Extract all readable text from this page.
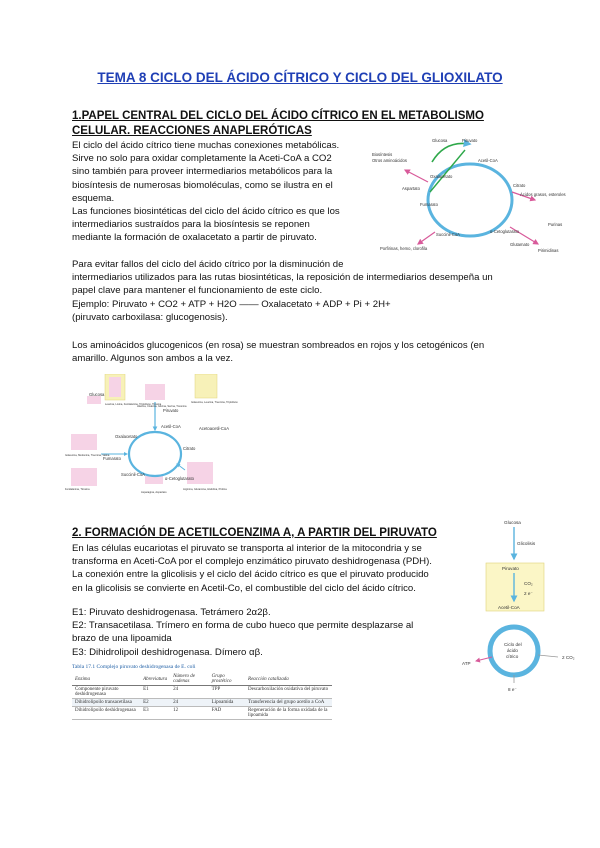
TEMA 8 CICLO DEL ÁCIDO CÍTRICO Y CICLO DEL GLIOXILATO
1.PAPEL CENTRAL DEL CICLO DEL ÁCIDO CÍTRICO EN EL METABOLISMO
CELULAR. REACCIONES ANAPLERÓTICAS
El ciclo del ácido cítrico tiene muchas conexiones metabólicas.
Sirve no solo para oxidar completamente la Aceti-CoA a CO2
sino también para proveer intermediarios metabólicos para la
biosíntesis de numerosas biomoléculas, como se ilustra en el
esquema.
Las funciones biosintéticas del ciclo del ácido cítrico es que los
intermediarios sustraídos para la biosíntesis se reponen
mediante la formación de oxalacetato a partir de piruvato.
Glucosa	Piruvato
Acetil-CoA
Citrato
α-Cetoglutarato
Succinil-CoA
Fumarato
Aspartato
Oxalacetato
Glutamato
Biosíntesis
Otros aminoácidos
Ácidos grasos, esteroles
Purinas
Pirimidinas
Porfirinas, hemo, clorofila
Para evitar fallos del ciclo del ácido cítrico por la disminución de
intermediarios utilizados para las rutas biosintéticas, la reposición de intermediarios desempeña un
papel clave para mantener el funcionamiento de este ciclo.
Ejemplo: Piruvato + CO2 + ATP + H2O —— Oxalacetato + ADP + Pi + 2H+
(piruvato carboxilasa: glucogenosis).
Los aminoácidos glucogenicos (en rosa) se muestran sombreados en rojos y los cetogénicos (en
amarillo. Algunos son ambos a la vez.
Leucina, Lisina, Fenilalanina, Triptófano, Tirosina
Isoleucina, Leucina, Treonina, Triptófano
Alanina, Cisteína, Glicina, Serina, Treonina
Arginina, Glutamina, Histidina, Prolina
Isoleucina, Metionina, Treonina, Valina
Fenilalanina, Tirosina
Asparagina, Aspartato
Piruvato
Acetil-CoA	Acetoacetil-CoA
Oxalacetato
Citrato
α-Cetoglutarato
Succinil-CoA
Fumarato
Glucosa
2. FORMACIÓN DE ACETILCOENZIMA A, A PARTIR DEL PIRUVATO
En las células eucariotas el piruvato se transporta al interior de la mitocondria y se
transforma en Aceti-CoA por el complejo enzimático piruvato deshidrogenasa (PDH).
La conexión entre la glicolisis y el ciclo del ácido cítrico es que el piruvato producido
en la glicolisis se convierte en Acetil-Co, el combustible del ciclo del ácido cítrico.
E1: Piruvato deshidrogenasa. Tetrámero 2α2β.
E2: Transacetilasa. Trímero en forma de cubo hueco que permite desplazarse al
brazo de una lipoamida
E3: Dihidrolipoil deshidrogenasa. Dímero αβ.
Glucosa
Glicolisis
Piruvato
CO₂
2 e⁻
Acetil-CoA
Ciclo del
ácido
cítrico	2 CO₂
ATP
8 e⁻
Tabla 17.1 Complejo piruvato deshidrogenasa de E. coli
Enzima	Abreviatura	Número de cadenas	Grupo prostético	Reacción catalizada
Componente piruvato deshidrogenasa	E1	24	TPP	Descarboxilación oxidativa del piruvato
Dihidrolipoilo transacetilasa	E2	24	Lipoamida	Transferencia del grupo acetilo a CoA
Dihidrolipoilo deshidrogenasa	E3	12	FAD	Regeneración de la forma oxidada de la lipoamida
